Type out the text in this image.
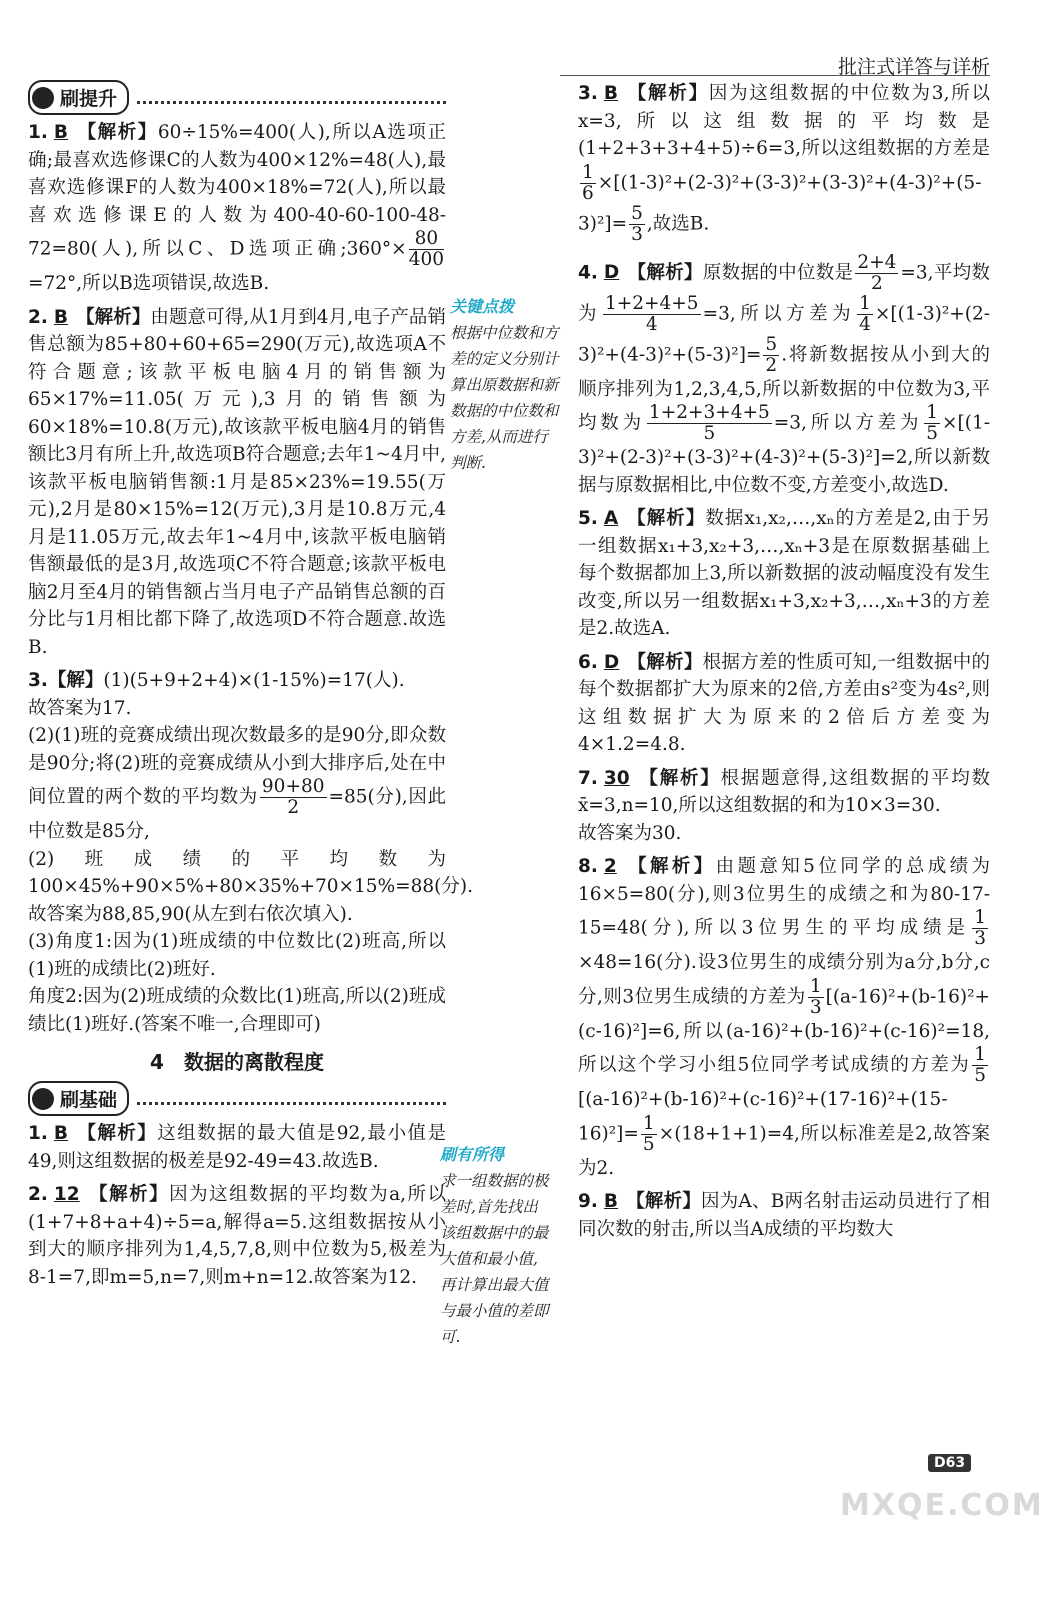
批注式详答与详析
刷提升

1. B 【解析】60÷15%=400(人),所以A选项正确;最喜欢选修课C的人数为400×12%=48(人),最喜欢选修课F的人数为400×18%=72(人),所以最喜欢选修课E的人数为400-40-60-100-48-72=80(人),所以C、D选项正确;360°× $\frac{80}{400}$
=72°,所以B选项错误,故选B.

2. B 【解析】由题意可得,从1月到4月,电子产品销售总额为85+80+60+65=290(万元),故选项A不符合题意;该款平板电脑4月的销售额为65×17%=11.05(万元),3月的销售额为60×18%=10.8(万元),故该款平板电脑4月的销售额比3月有所上升,故选项B符合题意;去年1~4月中,该款平板电脑销售额:1月是85×23%=19.55(万元),2月是80×15%=12(万元),3月是10.8万元,4月是11.05万元,故去年1~4月中,该款平板电脑销售额最低的是3月,故选项C不符合题意;该款平板电脑2月至4月的销售额占当月电子产品销售总额的百分比与1月相比都下降了,故选项D不符合题意.故选B.

3.【解】(1)(5+9+2+4)×(1-15%)=17(人).
故答案为17.
(2)(1)班的竞赛成绩出现次数最多的是90分,即众数是90分;将(2)班的竞赛成绩从小到大排序后,处在中间位置的两个数的平均数为 $\frac{90+80}{2} =85$(分),因此中位数是85分,
(2)班成绩的平均数为100×45%+90×5%+80×35%+70×15%=88(分).
故答案为88,85,90(从左到右依次填入).
(3)角度1:因为(1)班成绩的中位数比(2)班高,所以(1)班的成绩比(2)班好.
角度2:因为(2)班成绩的众数比(1)班高,所以(2)班成绩比(1)班好.(答案不唯一,合理即可)
4　数据的离散程度
刷基础

1. B 【解析】这组数据的最大值是92,最小值是49,则这组数据的极差是92-49=43.故选B.

2. 12 【解析】因为这组数据的平均数为a,所以(1+7+8+a+4)÷5=a,解得a=5.这组数据按从小到大的顺序排列为1,4,5,7,8,则中位数为5,极差为8-1=7,即m=5,n=7,则m+n=12.故答案为12.

关键点拨
根据中位数和方差的定义分别计算出原数据和新数据的中位数和方差,从而进行判断.
刷有所得
求一组数据的极差时,首先找出该组数据中的最大值和最小值,再计算出最大值与最小值的差即可.

3. B 【解析】因为这组数据的中位数为3,所以x=3,所以这组数据的平均数是(1+2+3+3+4+5)÷6=3,所以这组数据的方差是
$\frac{1}{6} \times[(1-3)^2+(2-3)^2+(3-3)^2+(3-3)^2+(4-3)^2+(5-3)^2]= \frac{5}{3}$ ,故选B.

4. D 【解析】原数据的中位数是 $\frac{2+4}{2} =3$,平均数为 $\frac{1+2+4+5}{4} =3$,所以方差为 $\frac{1}{4} \times[(1-3)^2+(2-3)^2+(4-3)^2+(5-3)^2]= \frac{5}{2}$ .将新数据按从小到大的顺序排列为1,2,3,4,5,所以新数据的中位数为3,平均数为 $\frac{1+2+3+4+5}{5} =3$,所以方差为 $\frac{1}{5} \times[(1-3)^2+(2-3)^2+(3-3)^2+(4-3)^2+(5-3)^2]=2$,所以新数据与原数据相比,中位数不变,方差变小,故选D.

5. A 【解析】数据x₁,x₂,…,xₙ的方差是2,由于另一组数据x₁+3,x₂+3,…,xₙ+3是在原数据基础上每个数据都加上3,所以新数据的波动幅度没有发生改变,所以另一组数据x₁+3,x₂+3,…,xₙ+3的方差是2.故选A.

6. D 【解析】根据方差的性质可知,一组数据中的每个数据都扩大为原来的2倍,方差由s²变为4s²,则这组数据扩大为原来的2倍后方差变为4×1.2=4.8.

7. 30 【解析】根据题意得,这组数据的平均数x̄=3,n=10,所以这组数据的和为10×3=30.
故答案为30.

8. 2 【解析】由题意知5位同学的总成绩为16×5=80(分),则3位男生的成绩之和为80-17-15=48(分),所以3位男生的平均成绩是 $\frac{1}{3}$
×48=16(分).设3位男生的成绩分别为a分,b分,c分,则3位男生成绩的方差为 $\frac{1}{3} [(a-16)^2+(b-16)^2+(c-16)^2]=6$,所以(a-16)²+(b-16)²+(c-16)²=18,所以这个学习小组5位同学考试成绩的方差为 $\frac{1}{5}$
$[(a-16)^2+(b-16)^2+(c-16)^2+(17-16)^2+(15-16)^2]= \frac{1}{5} \times(18+1+1)=4$,所以标准差是2,故答案为2.

9. B 【解析】因为A、B两名射击运动员进行了相同次数的射击,所以当A成绩的平均数大

D63
MXQE.COM
